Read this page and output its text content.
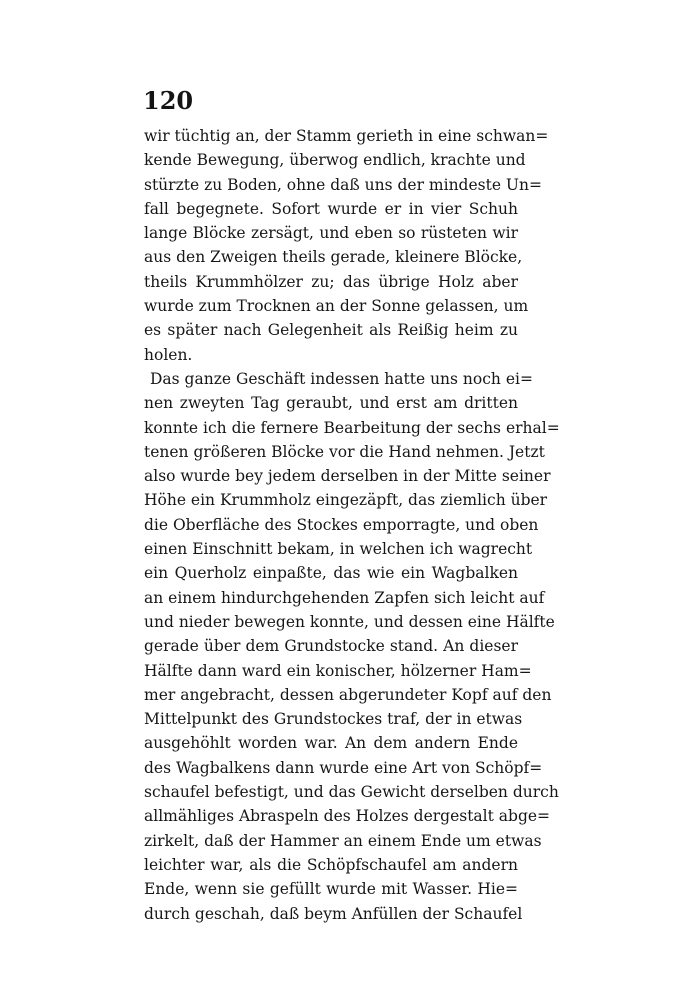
120
wir tüchtig an, der Stamm gerieth in eine schwan=
kende Bewegung, überwog endlich, krachte und
stürzte zu Boden, ohne daß uns der mindeste Un=
fall begegnete. Sofort wurde er in vier Schuh
lange Blöcke zersägt, und eben so rüsteten wir
aus den Zweigen theils gerade, kleinere Blöcke,
theils Krummhölzer zu; das übrige Holz aber
wurde zum Trocknen an der Sonne gelassen, um
es später nach Gelegenheit als Reißig heim zu
holen.
Das ganze Geschäft indessen hatte uns noch ei=
nen zweyten Tag geraubt, und erst am dritten
konnte ich die fernere Bearbeitung der sechs erhal=
tenen größeren Blöcke vor die Hand nehmen. Jetzt
also wurde bey jedem derselben in der Mitte seiner
Höhe ein Krummholz eingezäpft, das ziemlich über
die Oberfläche des Stockes emporragte, und oben
einen Einschnitt bekam, in welchen ich wagrecht
ein Querholz einpaßte, das wie ein Wagbalken
an einem hindurchgehenden Zapfen sich leicht auf
und nieder bewegen konnte, und dessen eine Hälfte
gerade über dem Grundstocke stand. An dieser
Hälfte dann ward ein konischer, hölzerner Ham=
mer angebracht, dessen abgerundeter Kopf auf den
Mittelpunkt des Grundstockes traf, der in etwas
ausgehöhlt worden war. An dem andern Ende
des Wagbalkens dann wurde eine Art von Schöpf=
schaufel befestigt, und das Gewicht derselben durch
allmähliges Abraspeln des Holzes dergestalt abge=
zirkelt, daß der Hammer an einem Ende um etwas
leichter war, als die Schöpfschaufel am andern
Ende, wenn sie gefüllt wurde mit Wasser. Hie=
durch geschah, daß beym Anfüllen der Schaufel
